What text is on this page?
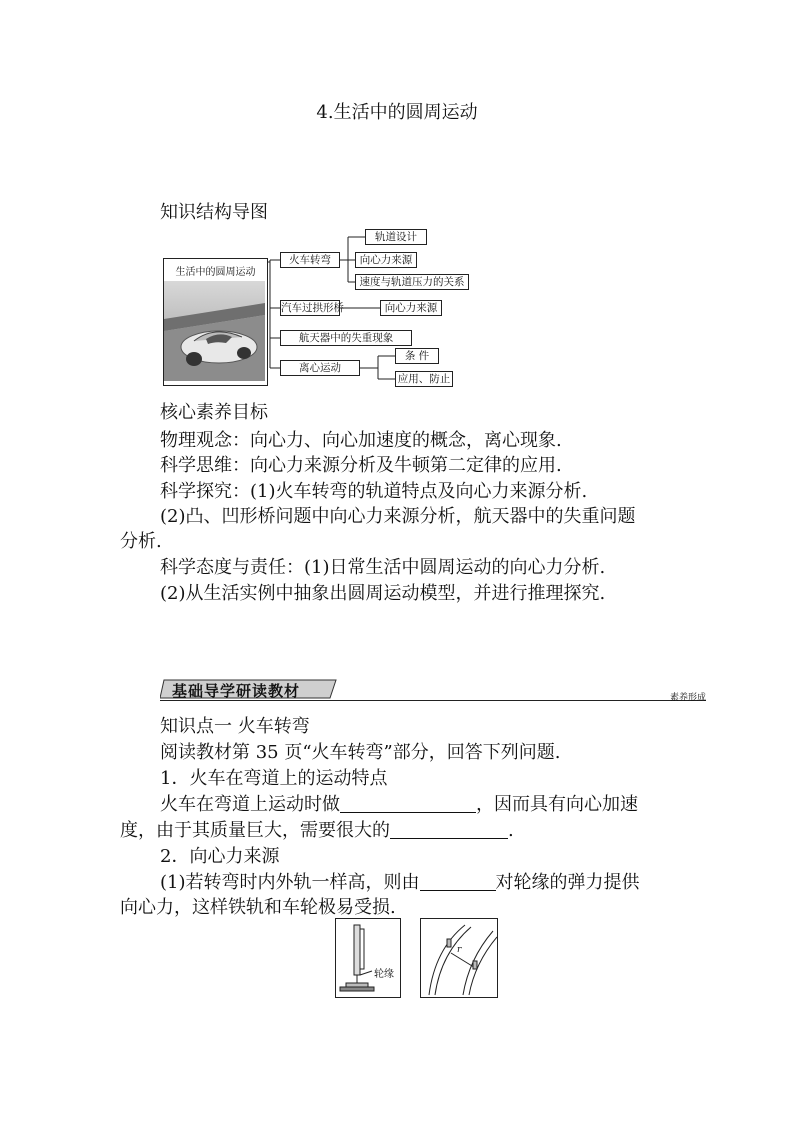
4.生活中的圆周运动
知识结构导图
生活中的圆周运动
火车转弯
汽车过拱形桥
航天器中的失重现象
离心运动
轨道设计
向心力来源
速度与轨道压力的关系
向心力来源
条 件
应用、防止
核心素养目标
物理观念：向心力、向心加速度的概念，离心现象.
科学思维：向心力来源分析及牛顿第二定律的应用.
科学探究：(1)火车转弯的轨道特点及向心力来源分析.
(2)凸、凹形桥问题中向心力来源分析，航天器中的失重问题
分析.
科学态度与责任：(1)日常生活中圆周运动的向心力分析.
(2)从生活实例中抽象出圆周运动模型，并进行推理探究.
基础导学研读教材	素养形成
知识点一 火车转弯
阅读教材第 35 页“火车转弯”部分，回答下列问题.
1．火车在弯道上的运动特点
火车在弯道上运动时做	，因而具有向心加速
度，由于其质量巨大，需要很大的	.
2．向心力来源
(1)若转弯时内外轨一样高，则由	对轮缘的弹力提供
向心力，这样铁轨和车轮极易受损.
轮缘
r
